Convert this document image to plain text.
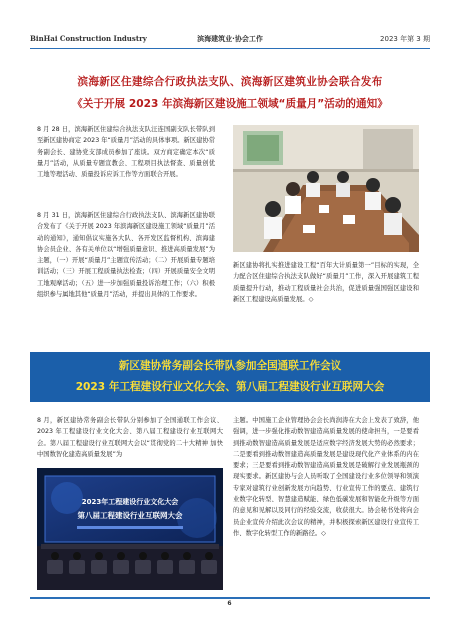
BinHai Construction Industry	滨海建筑业·协会工作	2023 年第 3 期
滨海新区住建综合行政执法支队、滨海新区建筑业协会联合发布
《关于开展 2023 年滨海新区建设施工领域“质量月”活动的通知》

8 月 28 日，滨海新区住建综合执法支队汪连国副支队长带队到至新区建协商定 2023 年“质量月”活动的具体事项。新区建协常务副会长、建协党支部成员参加了座谈。双方商定确定本次“质量月”活动，从质量专题宣教会、工程项目执法督查、质量创优工地等理活动、质量投诉应诉工作等方面联合开展。

8 月 31 日，滨海新区住建综合行政执法支队、滨海新区建协联合发布了《关于开展 2023 年滨海新区建设施工领域“质量月”活动的通知》，通知倡议实施各大队、各开发区监督机构、滨海建协会员企业、各有关单位以“增强质量意识、推进高质量发展”为主题，（一）开展“质量月”主题宣传活动；（二）开展质量专题培训活动；（三）开展工程质量执法检查；（四）开展质量安全文明工地观摩活动；（五）进一步加强质量投诉治理工作；（六）积极组织参与属地其他“质量月”活动，并提出具体的工作要求。

新区建协将扎实推进建设工程“百年大计质量第一”目标的实现，全力配合区住建综合执法支队做好“质量月”工作，深入开展建筑工程质量提升行动，推动工程质量社会共治，促进质量强国强区建设和新区工程建设高质量发展。◇

新区建协常务副会长带队参加全国通联工作会议
2023 年工程建设行业文化大会、第八届工程建设行业互联网大会

8 月，新区建协常务副会长带队分别参加了全国通联工作会议、2023 年工程建设行业文化大会、第八届工程建设行业互联网大会。第八届工程建设行业互联网大会以“贯彻党的二十大精神 加快中国数智化建造高质量发展”为

主题。中国施工企业管理协会会长尚润涛在大会上发表了致辞，他强调，进一步强化推动数智建造高质量发展的使命担当，一是要看到推动数智建造高质量发展是适应数字经济发展大势的必然要求；二是要看到推动数智建造高质量发展是建设现代化产业体系的内在要求；三是要看到推动数智建造高质量发展是破解行业发展瓶颈的现实要求。新区建协与会人员听取了全国建设行业多位领导和领演专家对建筑行业创新发展方向趋势、行业宣传工作的要点、建筑行业数字化转型、智慧建造赋能、绿色低碳发展和智能化升级等方面的意见和见解以及同行的经验交流，收获很大。协会秘书处将向会员企业宣传介绍此次会议的精神，并积极探索新区建设行业宣传工作、数字化转型工作的新路径。◇

2023年工程建设行业文化大会
第八届工程建设行业互联网大会
6
